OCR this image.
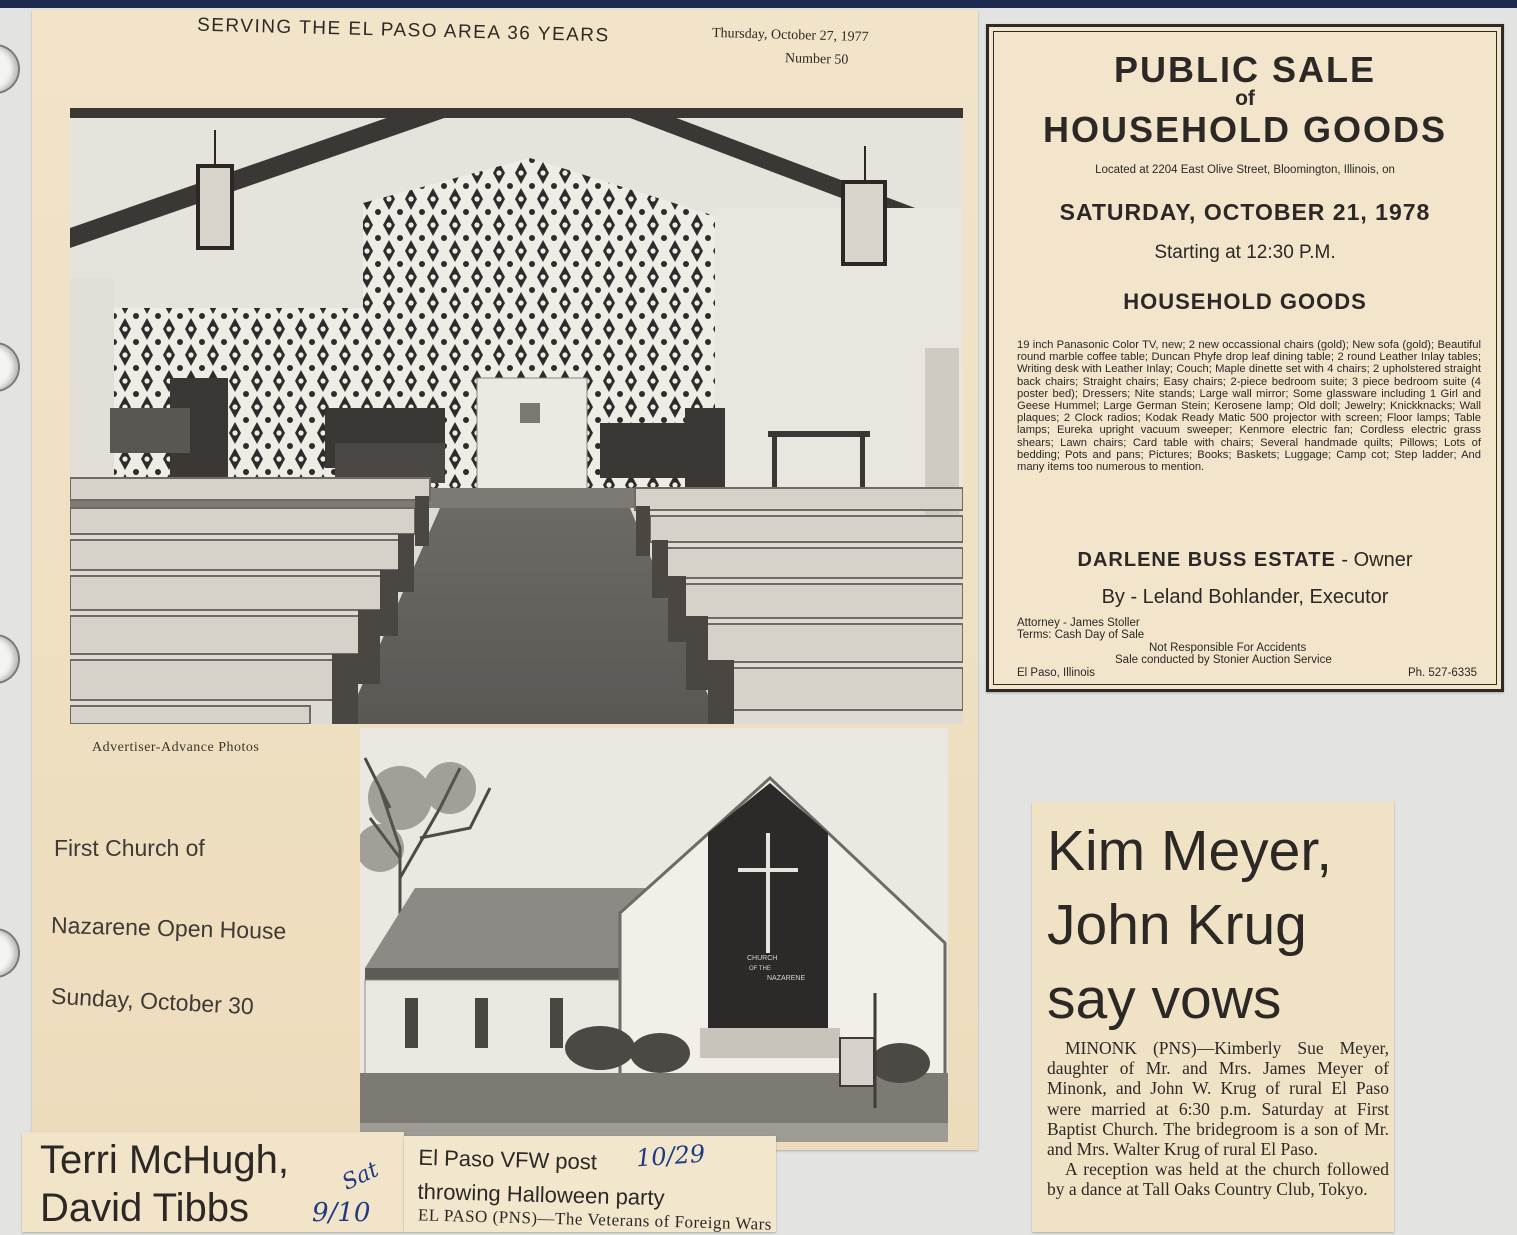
SERVING THE EL PASO AREA 36 YEARS	Thursday, October 27, 1977
Number 50
Advertiser-Advance Photos
First Church of
Nazarene Open House
Sunday, October 30
CHURCH
OF THE
NAZARENE
PUBLIC SALE
of
HOUSEHOLD GOODS
Located at 2204 East Olive Street, Bloomington, Illinois, on
SATURDAY, OCTOBER 21, 1978
Starting at 12:30 P.M.
HOUSEHOLD GOODS
19 inch Panasonic Color TV, new; 2 new occassional chairs (gold); New sofa (gold); Beautiful round marble coffee table; Duncan Phyfe drop leaf dining table; 2 round Leather Inlay tables; Writing desk with Leather Inlay; Couch; Maple dinette set with 4 chairs; 2 upholstered straight back chairs; Straight chairs; Easy chairs; 2-piece bedroom suite; 3 piece bedroom suite (4 poster bed); Dressers; Nite stands; Large wall mirror; Some glassware including 1 Girl and Geese Hummel; Large German Stein; Kerosene lamp; Old doll; Jewelry; Knickknacks; Wall plaques; 2 Clock radios; Kodak Ready Matic 500 projector with screen; Floor lamps; Table lamps; Eureka upright vacuum sweeper; Kenmore electric fan; Cordless electric grass shears; Lawn chairs; Card table with chairs; Several handmade quilts; Pillows; Lots of bedding; Pots and pans; Pictures; Books; Baskets; Luggage; Camp cot; Step ladder; And many items too numerous to mention.
DARLENE BUSS ESTATE - Owner
By - Leland Bohlander, Executor
Attorney - James Stoller
Terms: Cash Day of Sale
Not Responsible For Accidents
Sale conducted by Stonier Auction Service
El Paso, Illinois	Ph. 527-6335
Kim Meyer,
John Krug
say vows
MINONK (PNS)—Kimberly Sue Meyer, daughter of Mr. and Mrs. James Meyer of Minonk, and John W. Krug of rural El Paso were married at 6:30 p.m. Saturday at First Baptist Church. The bridegroom is a son of Mr. and Mrs. Walter Krug of rural El Paso.
A reception was held at the church followed by a dance at Tall Oaks Country Club, Tokyo.
Terri McHugh,
David Tibbs
Sat
9/10
El Paso VFW post
throwing Halloween party
10/29
EL PASO (PNS)—The Veterans of Foreign Wars
